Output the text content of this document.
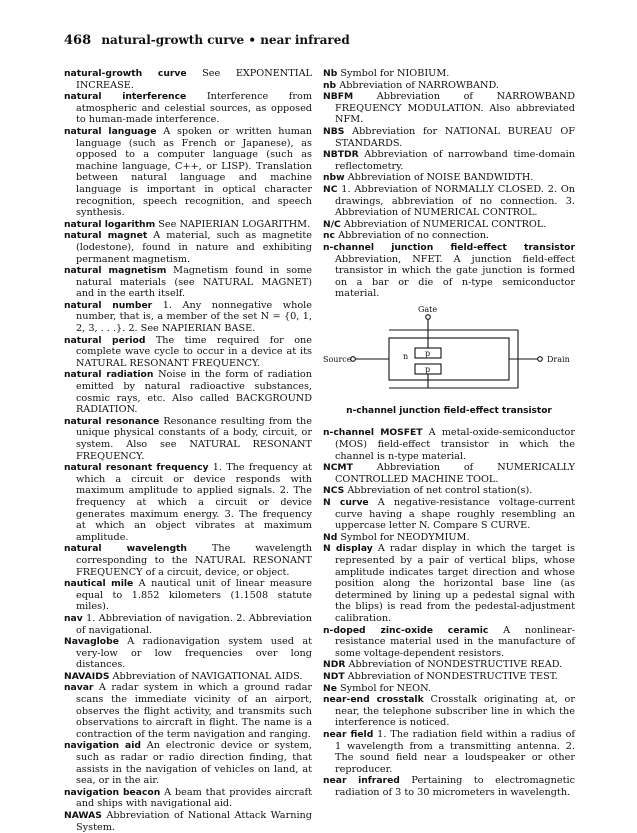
468 natural-growth curve • near infrared

natural-growth curve See EXPONENTIAL INCREASE.

natural interference Interference from atmospheric and celestial sources, as opposed to human-made interference.

natural language A spoken or written human language (such as French or Japanese), as opposed to a computer language (such as machine language, C++, or LISP). Translation between natural language and machine language is important in optical character recognition, speech recognition, and speech synthesis.

natural logarithm See NAPIERIAN LOGARITHM.

natural magnet A material, such as magnetite (lodestone), found in nature and exhibiting permanent magnetism.

natural magnetism Magnetism found in some natural materials (see NATURAL MAGNET) and in the earth itself.

natural number 1. Any nonnegative whole number, that is, a member of the set N = {0, 1, 2, 3, . . .}. 2. See NAPIERIAN BASE.

natural period The time required for one complete wave cycle to occur in a device at its NATURAL RESONANT FREQUENCY.

natural radiation Noise in the form of radiation emitted by natural radioactive substances, cosmic rays, etc. Also called BACKGROUND RADIATION.

natural resonance Resonance resulting from the unique physical constants of a body, circuit, or system. Also see NATURAL RESONANT FREQUENCY.

natural resonant frequency 1. The frequency at which a circuit or device responds with maximum amplitude to applied signals. 2. The frequency at which a circuit or device generates maximum energy. 3. The frequency at which an object vibrates at maximum amplitude.

natural wavelength The wavelength corresponding to the NATURAL RESONANT FREQUENCY of a circuit, device, or object.

nautical mile A nautical unit of linear measure equal to 1.852 kilometers (1.1508 statute miles).

nav 1. Abbreviation of navigation. 2. Abbreviation of navigational.

Navaglobe A radionavigation system used at very-low or low frequencies over long distances.

NAVAIDS Abbreviation of NAVIGATIONAL AIDS.

navar A radar system in which a ground radar scans the immediate vicinity of an airport, observes the flight activity, and transmits such observations to aircraft in flight. The name is a contraction of the term navigation and ranging.

navigation aid An electronic device or system, such as radar or radio direction finding, that assists in the navigation of vehicles on land, at sea, or in the air.

navigation beacon A beam that provides aircraft and ships with navigational aid.

NAWAS Abbreviation of National Attack Warning System.

Nb Symbol for NIOBIUM.

nb Abbreviation of NARROWBAND.

NBFM Abbreviation of NARROWBAND FREQUENCY MODULATION. Also abbreviated NFM.

NBS Abbreviation for NATIONAL BUREAU OF STANDARDS.

NBTDR Abbreviation of narrowband time-domain reflectometry.

nbw Abbreviation of NOISE BANDWIDTH.

NC 1. Abbreviation of NORMALLY CLOSED. 2. On drawings, abbreviation of no connection. 3. Abbreviation of NUMERICAL CONTROL.

N/C Abbreviation of NUMERICAL CONTROL.

nc Abbreviation of no connection.

n-channel junction field-effect transistor Abbreviation, NFET. A junction field-effect transistor in which the gate junction is formed on a bar or die of n-type semiconductor material.

Gate
Source	Drain
n p
p
n-channel junction field-effect transistor

n-channel MOSFET A metal-oxide-semiconductor (MOS) field-effect transistor in which the channel is n-type material.

NCMT Abbreviation of NUMERICALLY CONTROLLED MACHINE TOOL.

NCS Abbreviation of net control station(s).

N curve A negative-resistance voltage-current curve having a shape roughly resembling an uppercase letter N. Compare S CURVE.

Nd Symbol for NEODYMIUM.

N display A radar display in which the target is represented by a pair of vertical blips, whose amplitude indicates target direction and whose position along the horizontal base line (as determined by lining up a pedestal signal with the blips) is read from the pedestal-adjustment calibration.

n-doped zinc-oxide ceramic A nonlinear-resistance material used in the manufacture of some voltage-dependent resistors.

NDR Abbreviation of NONDESTRUCTIVE READ.

NDT Abbreviation of NONDESTRUCTIVE TEST.

Ne Symbol for NEON.

near-end crosstalk Crosstalk originating at, or near, the telephone subscriber line in which the interference is noticed.

near field 1. The radiation field within a radius of 1 wavelength from a transmitting antenna. 2. The sound field near a loudspeaker or other reproducer.

near infrared Pertaining to electromagnetic radiation of 3 to 30 micrometers in wavelength.
